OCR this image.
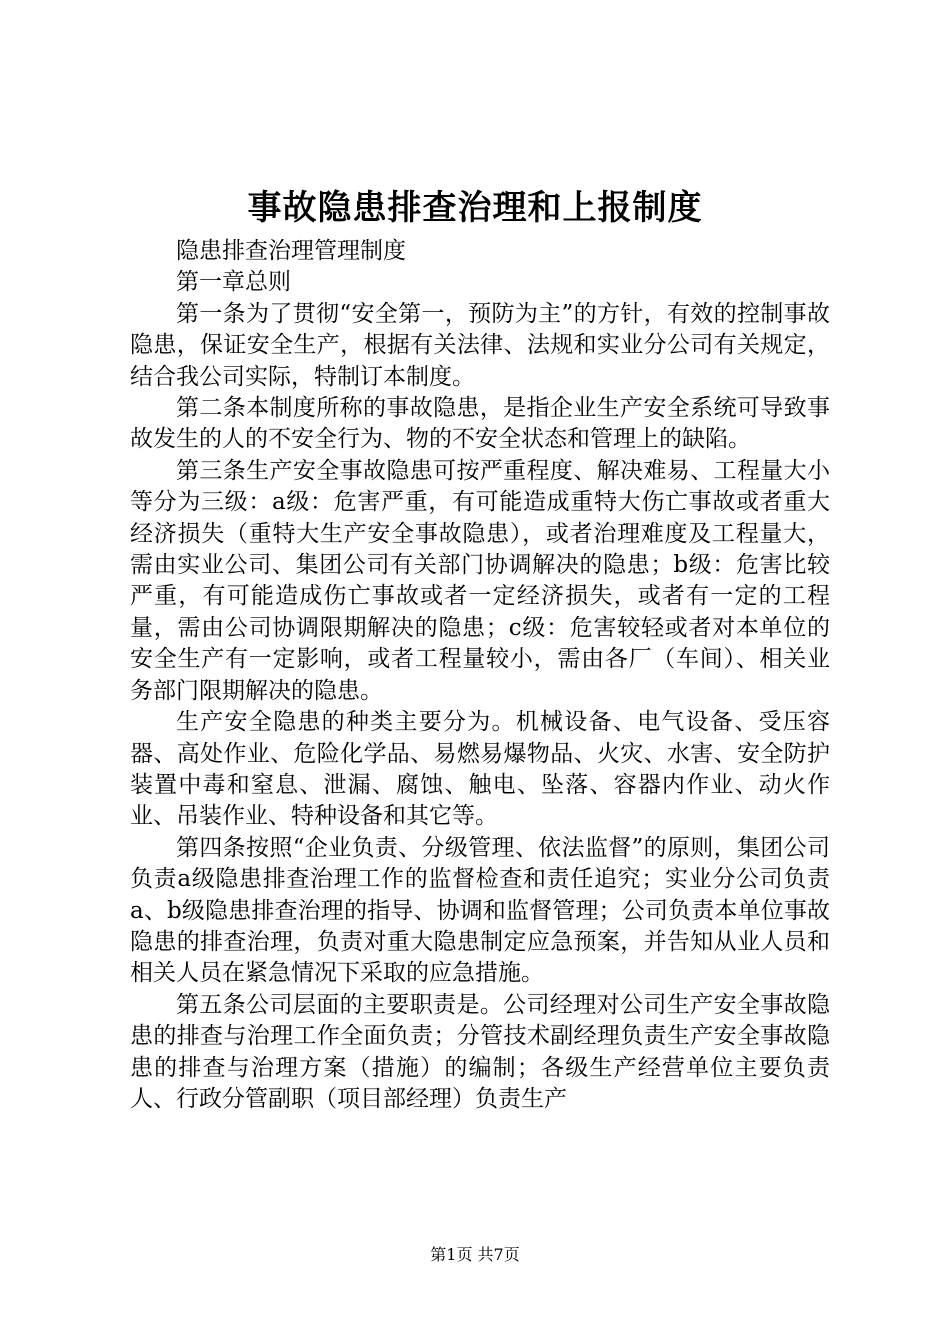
事故隐患排查治理和上报制度

隐患排查治理管理制度

第一章总则

第一条为了贯彻“安全第一，预防为主”的方针，有效的控制事故隐患，保证安全生产，根据有关法律、法规和实业分公司有关规定，结合我公司实际，特制订本制度。

第二条本制度所称的事故隐患，是指企业生产安全系统可导致事故发生的人的不安全行为、物的不安全状态和管理上的缺陷。

第三条生产安全事故隐患可按严重程度、解决难易、工程量大小等分为三级：a级：危害严重，有可能造成重特大伤亡事故或者重大经济损失（重特大生产安全事故隐患），或者治理难度及工程量大，需由实业公司、集团公司有关部门协调解决的隐患；b级：危害比较严重，有可能造成伤亡事故或者一定经济损失，或者有一定的工程量，需由公司协调限期解决的隐患；c级：危害较轻或者对本单位的安全生产有一定影响，或者工程量较小，需由各厂（车间）、相关业务部门限期解决的隐患。

生产安全隐患的种类主要分为。机械设备、电气设备、受压容器、高处作业、危险化学品、易燃易爆物品、火灾、水害、安全防护装置中毒和窒息、泄漏、腐蚀、触电、坠落、容器内作业、动火作业、吊装作业、特种设备和其它等。

第四条按照“企业负责、分级管理、依法监督”的原则，集团公司负责a级隐患排查治理工作的监督检查和责任追究；实业分公司负责a、b级隐患排查治理的指导、协调和监督管理；公司负责本单位事故隐患的排查治理，负责对重大隐患制定应急预案，并告知从业人员和相关人员在紧急情况下采取的应急措施。

第五条公司层面的主要职责是。公司经理对公司生产安全事故隐患的排查与治理工作全面负责；分管技术副经理负责生产安全事故隐患的排查与治理方案（措施）的编制；各级生产经营单位主要负责人、行政分管副职（项目部经理）负责生产

第1页 共7页
